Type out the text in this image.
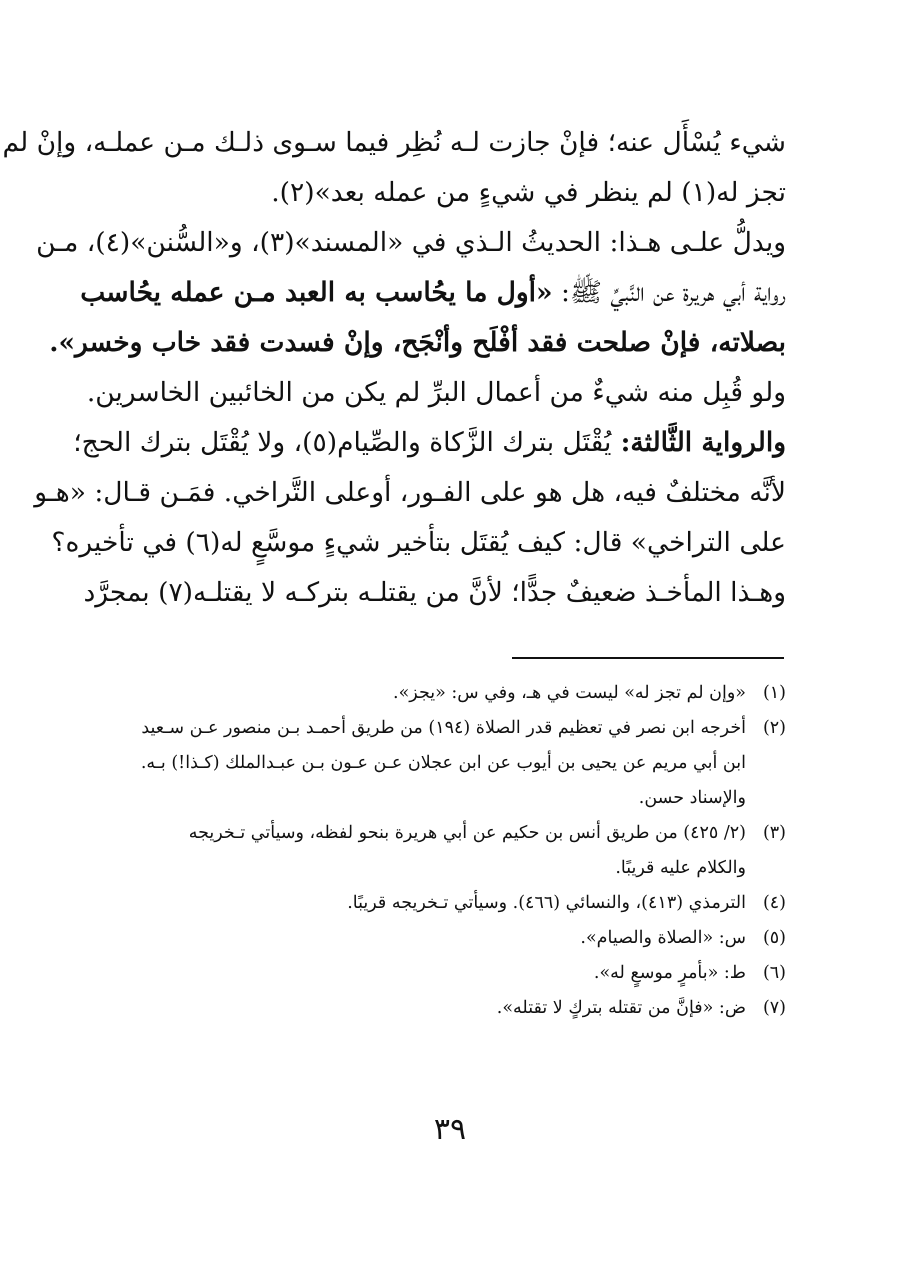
شيء يُسْأَل عنه؛ فإنْ جازت لـه نُظِر فيما سـوى ذلـك مـن عملـه، وإنْ لم
تجز له(١) لم ينظر في شيءٍ من عمله بعد»(٢).
ويدلُّ علـى هـذا: الحديثُ الـذي في «المسند»(٣)، و«السُّنن»(٤)، مـن
رواية أبي هريرة عن النَّبيِّ ﷺ: «أول ما يحُاسب به العبد مـن عمله يحُاسب
بصلاته، فإنْ صلحت فقد أفْلَح وأنْجَح، وإنْ فسدت فقد خاب وخسر».
ولو قُبِل منه شيءٌ من أعمال البرِّ لم يكن من الخائبين الخاسرين.
والرواية الثَّالثة: يُقْتَل بترك الزَّكاة والصِّيام(٥)، ولا يُقْتَل بترك الحج؛
لأنَّه مختلفٌ فيه، هل هو على الفـور، أوعلى التَّراخي. فمَـن قـال: «هـو
على التراخي» قال: كيف يُقتَل بتأخير شيءٍ موسَّعٍ له(٦) في تأخيره؟
وهـذا المأخـذ ضعيفٌ جدًّا؛ لأنَّ من يقتلـه بتركـه لا يقتلـه(٧) بمجرَّد
(١)
«وإن لم تجز له» ليست في هـ، وفي س: «يجز».
(٢)
أخرجه ابن نصر في تعظيم قدر الصلاة (١٩٤) من طريق أحمـد بـن منصور عـن سـعيد
ابن أبي مريم عن يحيى بن أيوب عن ابن عجلان عـن عـون بـن عبـدالملك (كـذا!) بـه.
والإسناد حسن.
(٣)
(٢/ ٤٢٥) من طريق أنس بن حكيم عن أبي هريرة بنحو لفظه، وسيأتي تـخريجه
والكلام عليه قريبًا.
(٤)
الترمذي (٤١٣)، والنسائي (٤٦٦). وسيأتي تـخريجه قريبًا.
(٥)
س: «الصلاة والصيام».
(٦)
ط: «بأمرٍ موسعٍ له».
(٧)
ض: «فإنَّ من تقتله بتركٍ لا تقتله».
٣٩
